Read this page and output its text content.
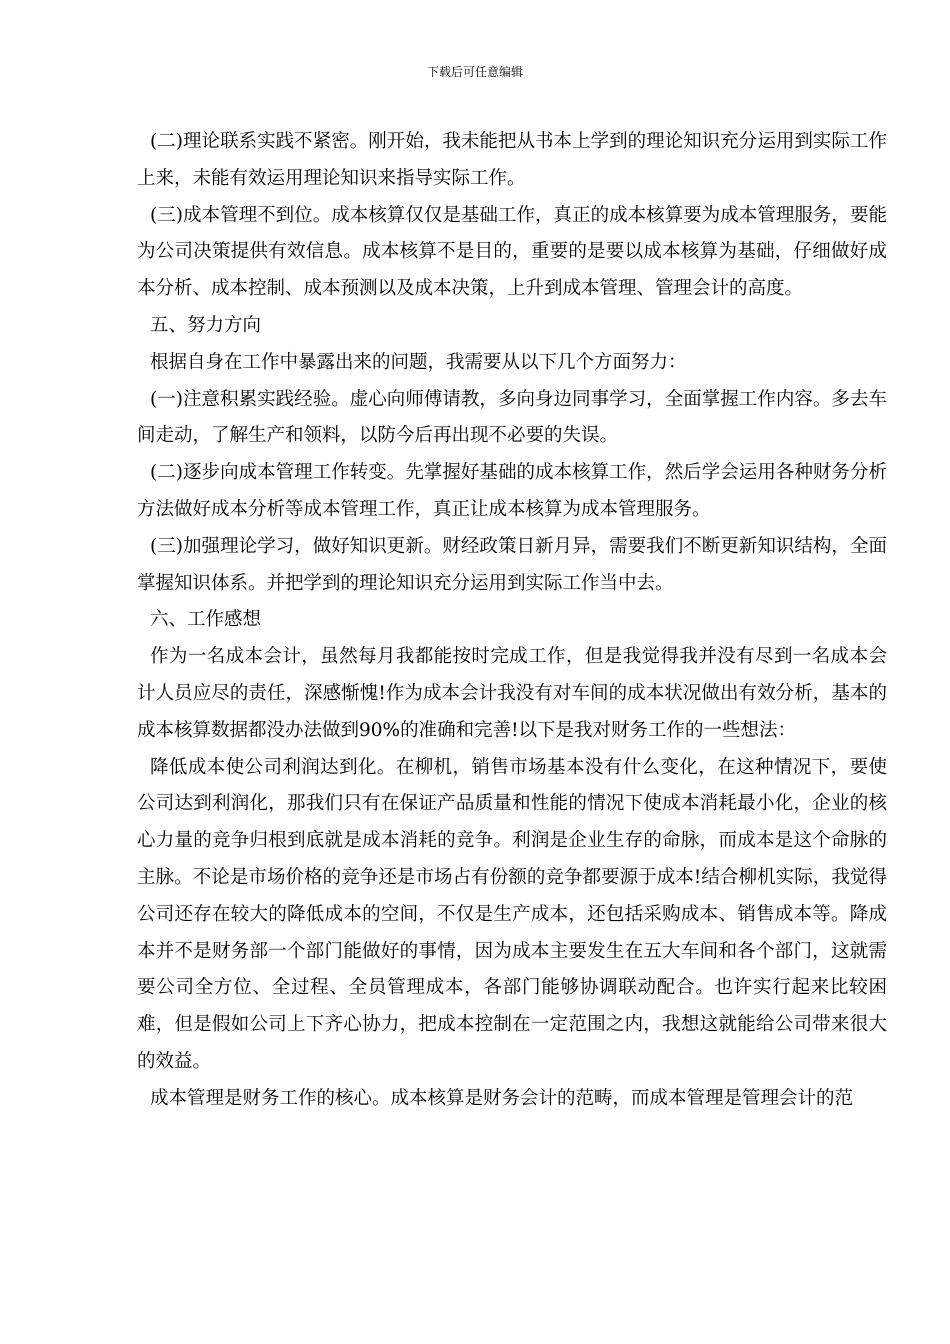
下载后可任意编辑

(二)理论联系实践不紧密。刚开始，我未能把从书本上学到的理论知识充分运用到实际工作上来，未能有效运用理论知识来指导实际工作。

(三)成本管理不到位。成本核算仅仅是基础工作，真正的成本核算要为成本管理服务，要能为公司决策提供有效信息。成本核算不是目的，重要的是要以成本核算为基础，仔细做好成本分析、成本控制、成本预测以及成本决策，上升到成本管理、管理会计的高度。

五、努力方向

根据自身在工作中暴露出来的问题，我需要从以下几个方面努力：

(一)注意积累实践经验。虚心向师傅请教，多向身边同事学习，全面掌握工作内容。多去车间走动，了解生产和领料，以防今后再出现不必要的失误。

(二)逐步向成本管理工作转变。先掌握好基础的成本核算工作，然后学会运用各种财务分析方法做好成本分析等成本管理工作，真正让成本核算为成本管理服务。

(三)加强理论学习，做好知识更新。财经政策日新月异，需要我们不断更新知识结构，全面掌握知识体系。并把学到的理论知识充分运用到实际工作当中去。

六、工作感想

作为一名成本会计，虽然每月我都能按时完成工作，但是我觉得我并没有尽到一名成本会计人员应尽的责任，深感惭愧!作为成本会计我没有对车间的成本状况做出有效分析，基本的成本核算数据都没办法做到90%的准确和完善!以下是我对财务工作的一些想法：

降低成本使公司利润达到化。在柳机，销售市场基本没有什么变化，在这种情况下，要使公司达到利润化，那我们只有在保证产品质量和性能的情况下使成本消耗最小化，企业的核心力量的竞争归根到底就是成本消耗的竞争。利润是企业生存的命脉，而成本是这个命脉的主脉。不论是市场价格的竞争还是市场占有份额的竞争都要源于成本!结合柳机实际，我觉得公司还存在较大的降低成本的空间，不仅是生产成本，还包括采购成本、销售成本等。降成本并不是财务部一个部门能做好的事情，因为成本主要发生在五大车间和各个部门，这就需要公司全方位、全过程、全员管理成本，各部门能够协调联动配合。也许实行起来比较困难，但是假如公司上下齐心协力，把成本控制在一定范围之内，我想这就能给公司带来很大的效益。

成本管理是财务工作的核心。成本核算是财务会计的范畴，而成本管理是管理会计的范
